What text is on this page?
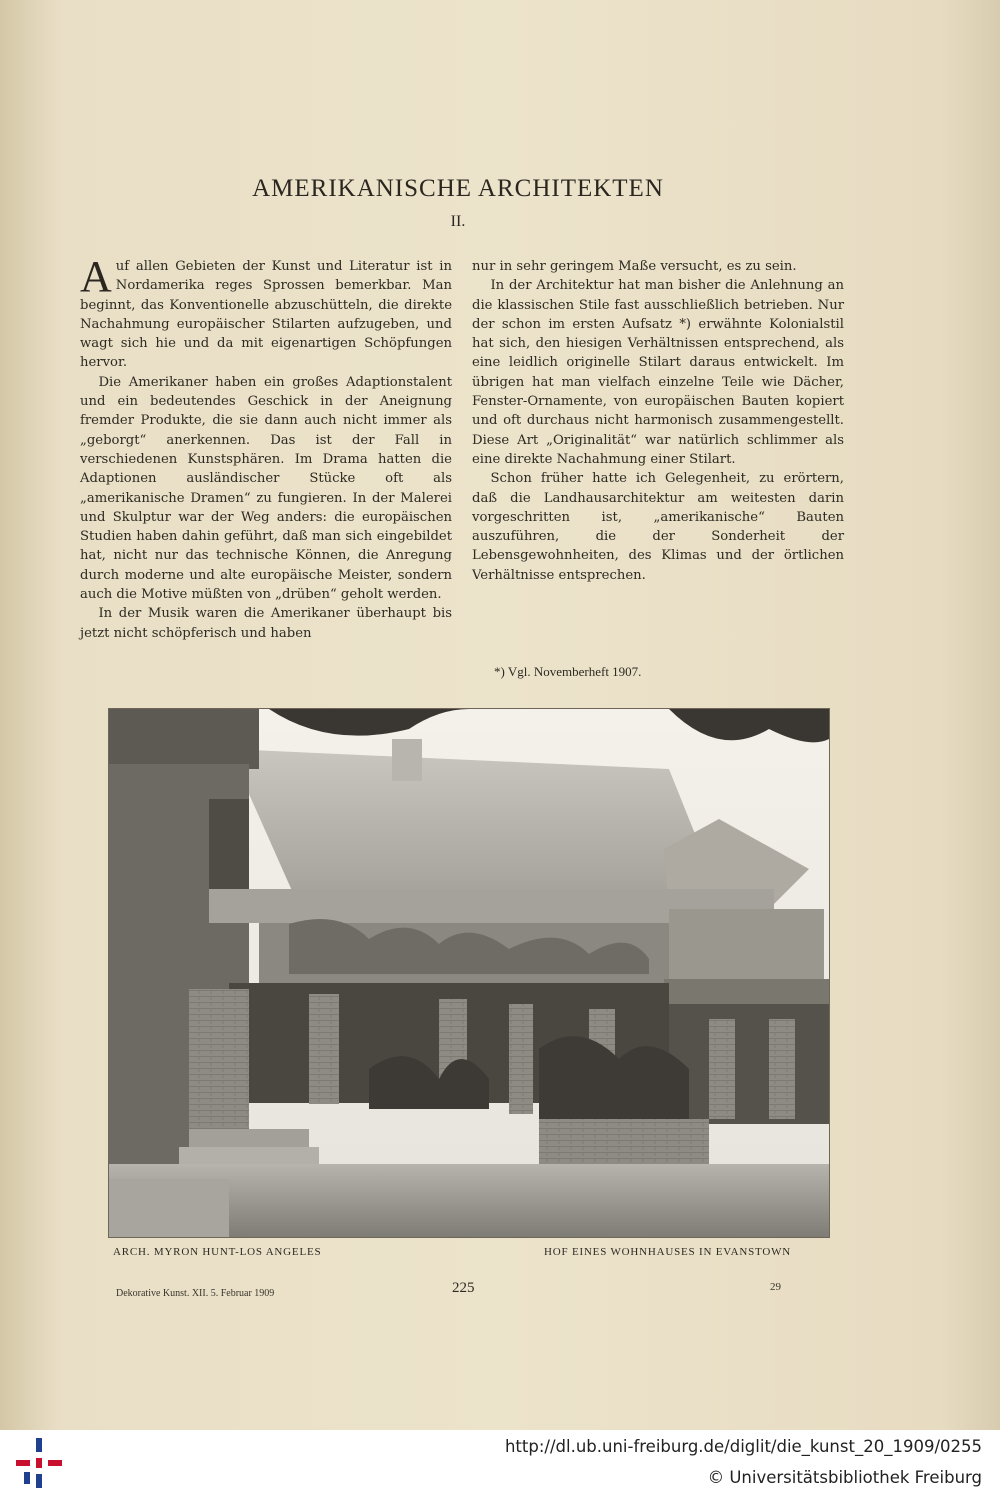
AMERIKANISCHE ARCHITEKTEN
II.

Auf allen Gebieten der Kunst und Literatur ist in Nordamerika reges Sprossen bemerkbar. Man beginnt, das Konventionelle abzuschütteln, die direkte Nachahmung europäischer Stilarten aufzugeben, und wagt sich hie und da mit eigenartigen Schöpfungen hervor.

Die Amerikaner haben ein großes Adaptionstalent und ein bedeutendes Geschick in der Aneignung fremder Produkte, die sie dann auch nicht immer als „geborgt“ anerkennen. Das ist der Fall in verschiedenen Kunstsphären. Im Drama hatten die Adaptionen ausländischer Stücke oft als „amerikanische Dramen“ zu fungieren. In der Malerei und Skulptur war der Weg anders: die europäischen Studien haben dahin geführt, daß man sich eingebildet hat, nicht nur das technische Können, die Anregung durch moderne und alte europäische Meister, sondern auch die Motive müßten von „drüben“ geholt werden.

In der Musik waren die Amerikaner überhaupt bis jetzt nicht schöpferisch und haben

nur in sehr geringem Maße versucht, es zu sein.

In der Architektur hat man bisher die Anlehnung an die klassischen Stile fast ausschließlich betrieben. Nur der schon im ersten Aufsatz *) erwähnte Kolonialstil hat sich, den hiesigen Verhältnissen entsprechend, als eine leidlich originelle Stilart daraus entwickelt. Im übrigen hat man vielfach einzelne Teile wie Dächer, Fenster-Ornamente, von europäischen Bauten kopiert und oft durchaus nicht harmonisch zusammengestellt. Diese Art „Originalität“ war natürlich schlimmer als eine direkte Nachahmung einer Stilart.

Schon früher hatte ich Gelegenheit, zu erörtern, daß die Landhausarchitektur am weitesten darin vorgeschritten ist, „amerikanische“ Bauten auszuführen, die der Sonderheit der Lebensgewohnheiten, des Klimas und der örtlichen Verhältnisse entsprechen.

*) Vgl. Novemberheft 1907.
ARCH. MYRON HUNT-LOS ANGELES	HOF EINES WOHNHAUSES IN EVANSTOWN
Dekorative Kunst. XII. 5. Februar 1909	225	29
http://dl.ub.uni-freiburg.de/diglit/die_kunst_20_1909/0255
© Universitätsbibliothek Freiburg
